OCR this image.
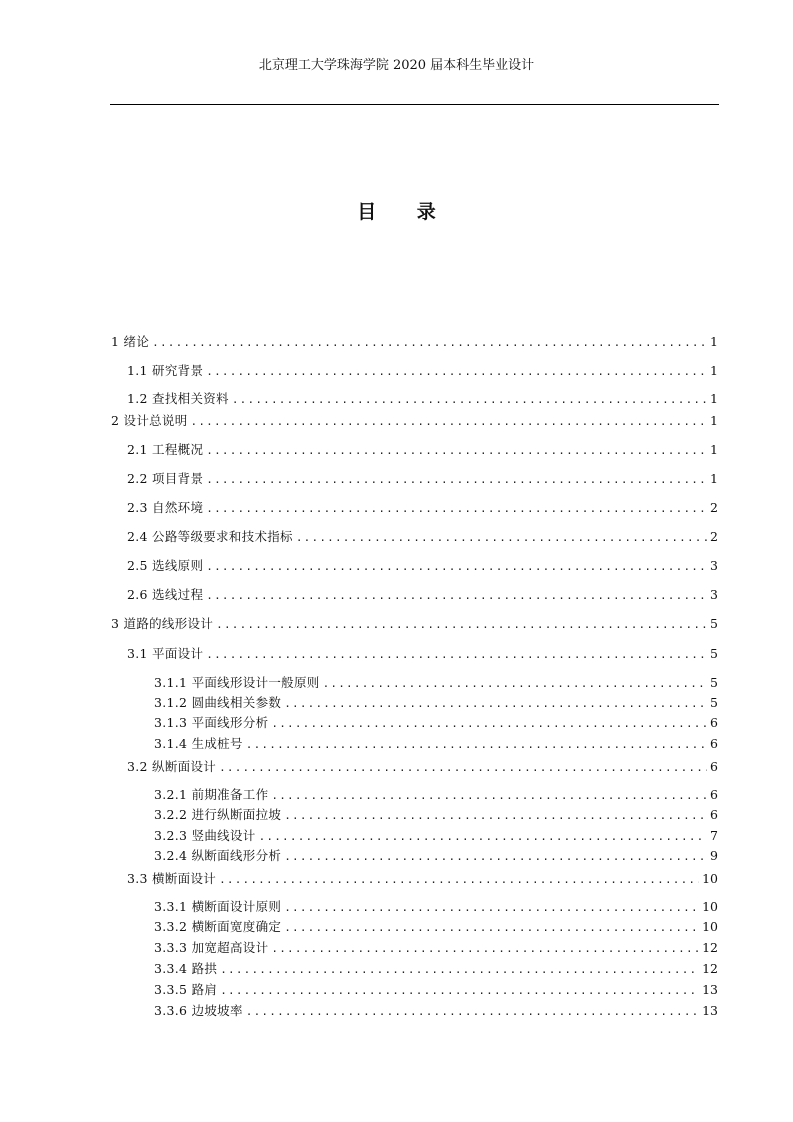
北京理工大学珠海学院 2020 届本科生毕业设计
目 录
1 绪论 .....	1
1.1 研究背景 .....	1
1.2 查找相关资料 .....	1
2 设计总说明 .....	1
2.1 工程概况 .....	1
2.2 项目背景 .....	1
2.3 自然环境 .....	2
2.4 公路等级要求和技术指标 .....	2
2.5 选线原则 .....	3
2.6 选线过程 .....	3
3 道路的线形设计 .....	5
3.1 平面设计 .....	5
3.1.1 平面线形设计一般原则 .....	5
3.1.2 圆曲线相关参数 .....	5
3.1.3 平面线形分析 .....	6
3.1.4 生成桩号 .....	6
3.2 纵断面设计 .....	6
3.2.1 前期准备工作 .....	6
3.2.2 进行纵断面拉坡 .....	6
3.2.3 竖曲线设计 .....	7
3.2.4 纵断面线形分析 .....	9
3.3 横断面设计 .....	10
3.3.1 横断面设计原则 .....	10
3.3.2 横断面宽度确定 .....	10
3.3.3 加宽超高设计 .....	12
3.3.4 路拱 .....	12
3.3.5 路肩 .....	13
3.3.6 边坡坡率 .....	13
